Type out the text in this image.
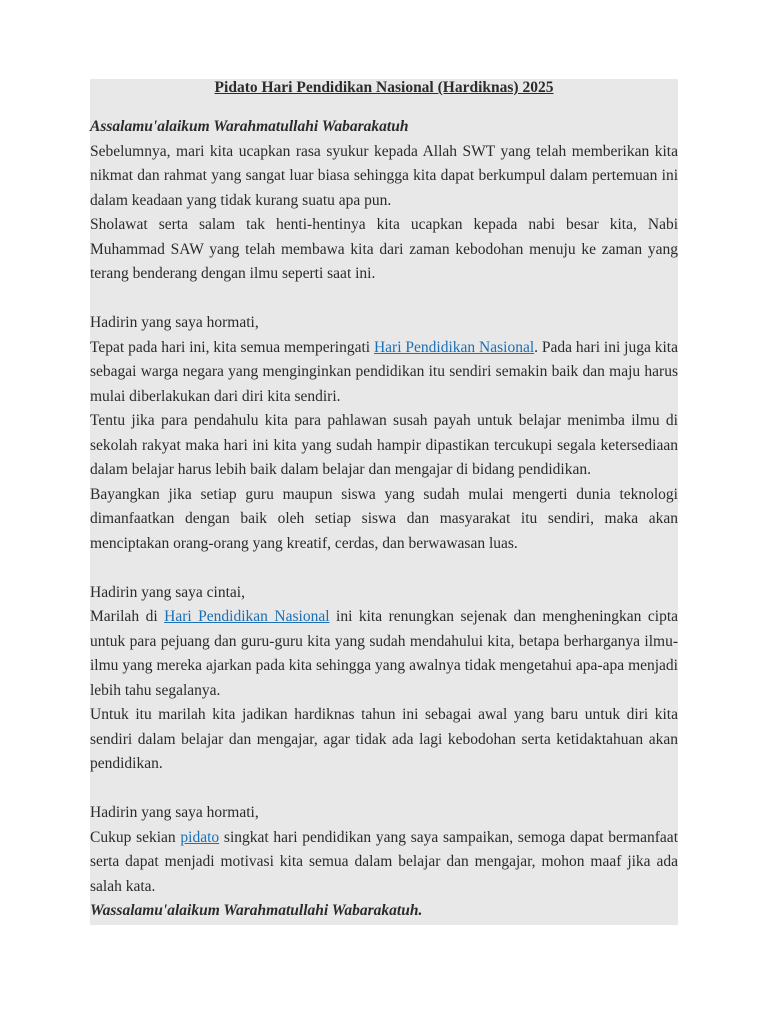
Pidato Hari Pendidikan Nasional (Hardiknas) 2025

Assalamu'alaikum Warahmatullahi Wabarakatuh

Sebelumnya, mari kita ucapkan rasa syukur kepada Allah SWT yang telah memberikan kita nikmat dan rahmat yang sangat luar biasa sehingga kita dapat berkumpul dalam pertemuan ini dalam keadaan yang tidak kurang suatu apa pun.

Sholawat serta salam tak henti-hentinya kita ucapkan kepada nabi besar kita, Nabi Muhammad SAW yang telah membawa kita dari zaman kebodohan menuju ke zaman yang terang benderang dengan ilmu seperti saat ini.

Hadirin yang saya hormati,

Tepat pada hari ini, kita semua memperingati Hari Pendidikan Nasional. Pada hari ini juga kita sebagai warga negara yang menginginkan pendidikan itu sendiri semakin baik dan maju harus mulai diberlakukan dari diri kita sendiri.

Tentu jika para pendahulu kita para pahlawan susah payah untuk belajar menimba ilmu di sekolah rakyat maka hari ini kita yang sudah hampir dipastikan tercukupi segala ketersediaan dalam belajar harus lebih baik dalam belajar dan mengajar di bidang pendidikan.

Bayangkan jika setiap guru maupun siswa yang sudah mulai mengerti dunia teknologi dimanfaatkan dengan baik oleh setiap siswa dan masyarakat itu sendiri, maka akan menciptakan orang-orang yang kreatif, cerdas, dan berwawasan luas.

Hadirin yang saya cintai,

Marilah di Hari Pendidikan Nasional ini kita renungkan sejenak dan mengheningkan cipta untuk para pejuang dan guru-guru kita yang sudah mendahului kita, betapa berharganya ilmu-ilmu yang mereka ajarkan pada kita sehingga yang awalnya tidak mengetahui apa-apa menjadi lebih tahu segalanya.

Untuk itu marilah kita jadikan hardiknas tahun ini sebagai awal yang baru untuk diri kita sendiri dalam belajar dan mengajar, agar tidak ada lagi kebodohan serta ketidaktahuan akan pendidikan.

Hadirin yang saya hormati,

Cukup sekian pidato singkat hari pendidikan yang saya sampaikan, semoga dapat bermanfaat serta dapat menjadi motivasi kita semua dalam belajar dan mengajar, mohon maaf jika ada salah kata.

Wassalamu'alaikum Warahmatullahi Wabarakatuh.
